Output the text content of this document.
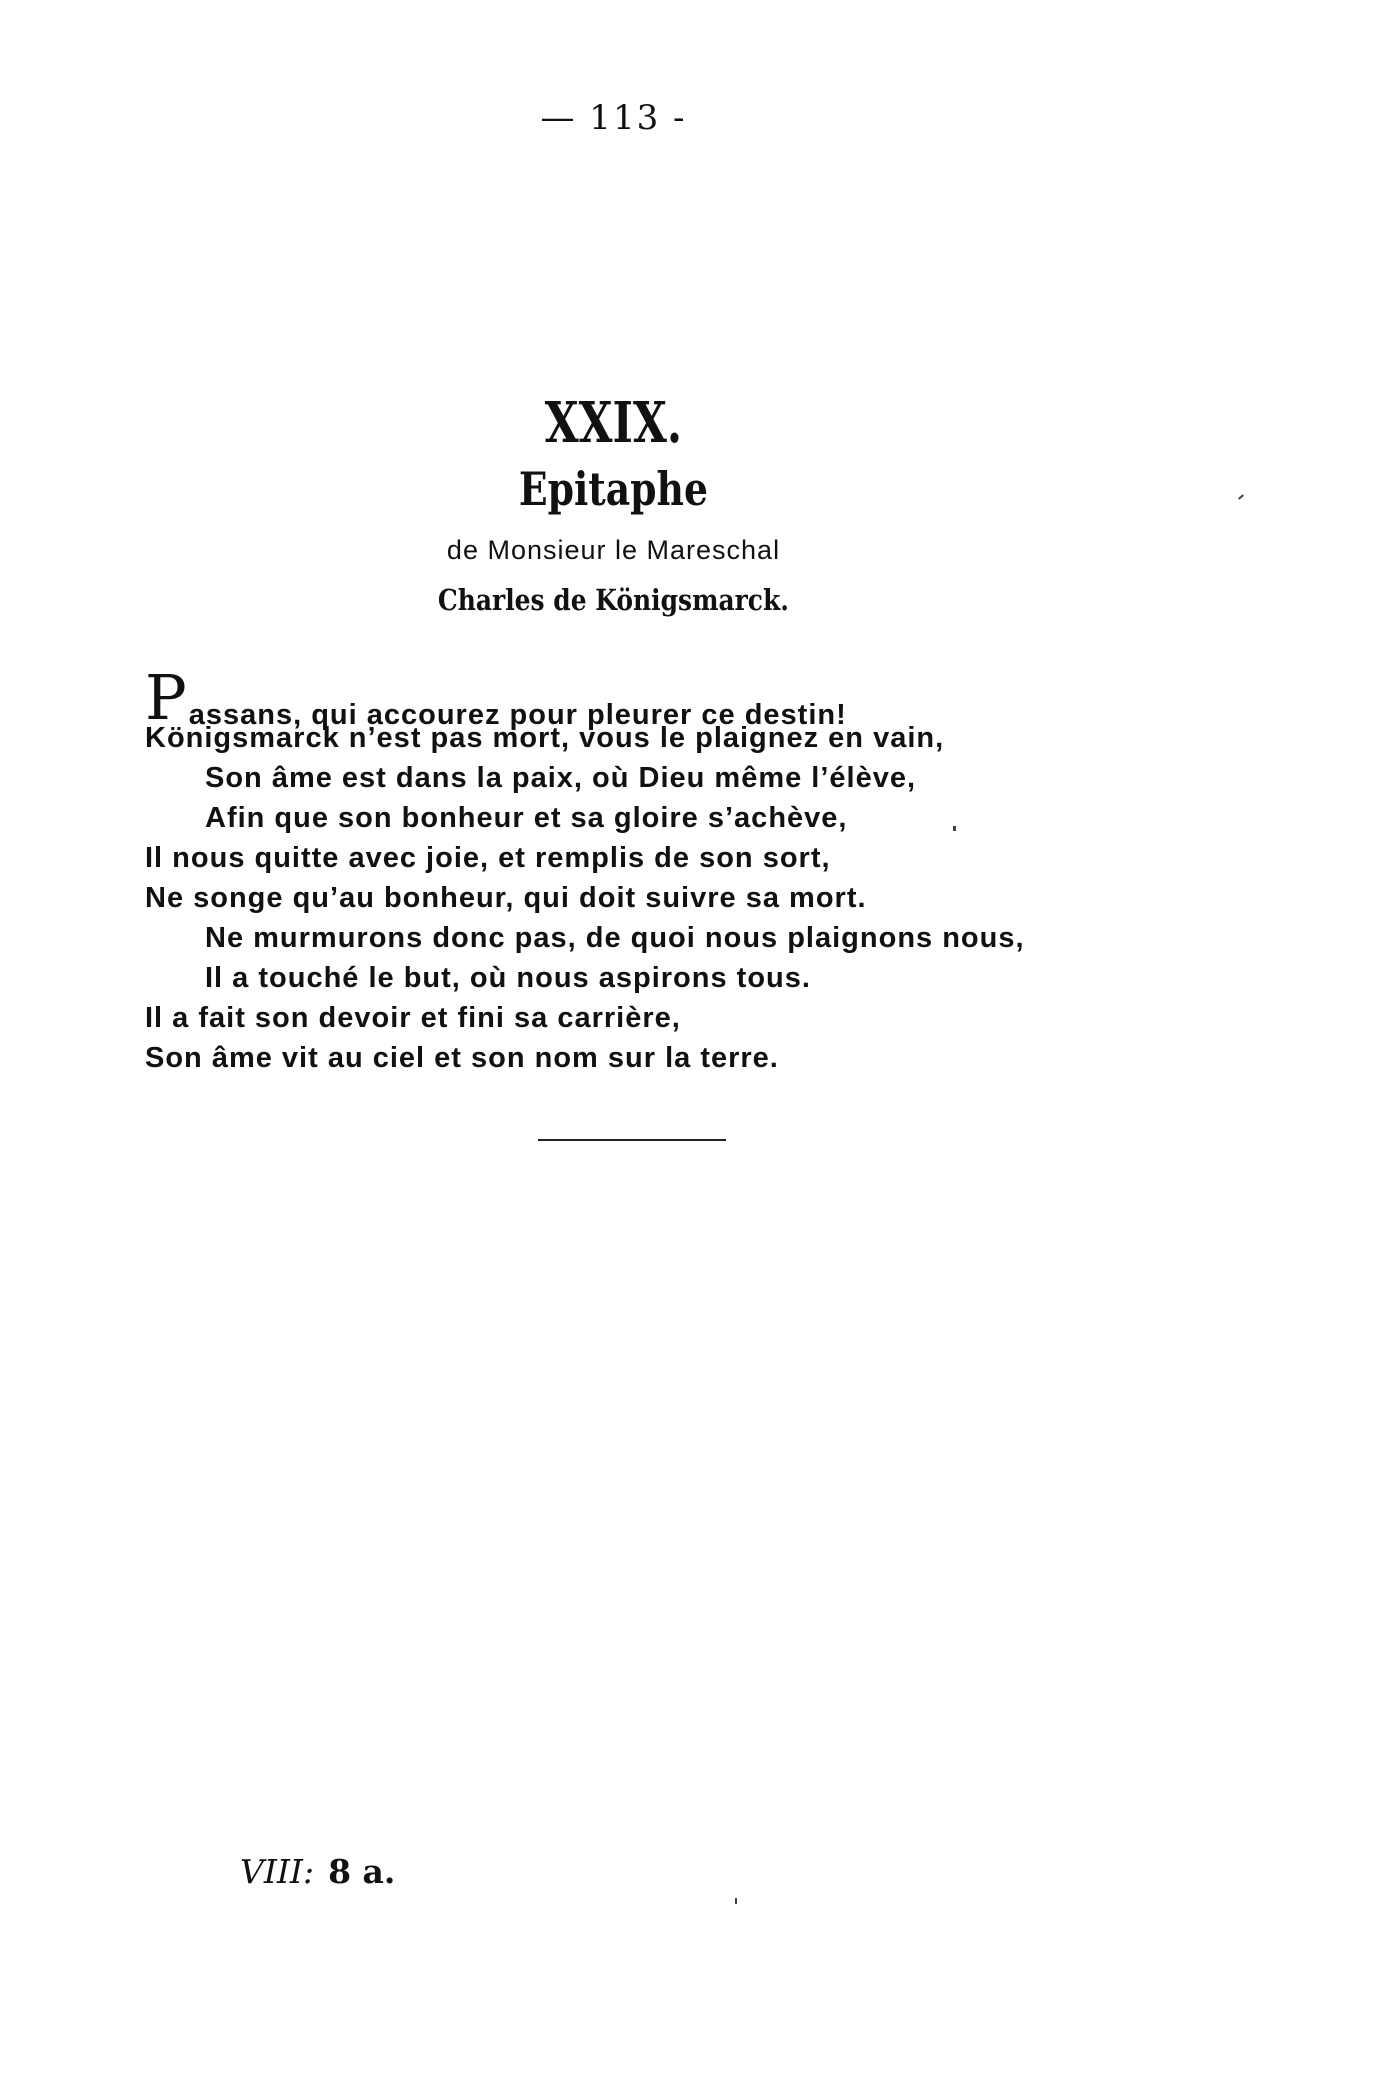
— 113 -
XXIX.
Epitaphe
de Monsieur le Mareschal
Charles de Königsmarck.
Passans, qui accourez pour pleurer ce destin!
Königsmarck n’est pas mort, vous le plaignez en vain,
Son âme est dans la paix, où Dieu même l’élève,
Afin que son bonheur et sa gloire s’achève,
Il nous quitte avec joie, et remplis de son sort,
Ne songe qu’au bonheur, qui doit suivre sa mort.
Ne murmurons donc pas, de quoi nous plaignons nous,
Il a touché le but, où nous aspirons tous.
Il a fait son devoir et fini sa carrière,
Son âme vit au ciel et son nom sur la terre.
VIII: 8 a.
